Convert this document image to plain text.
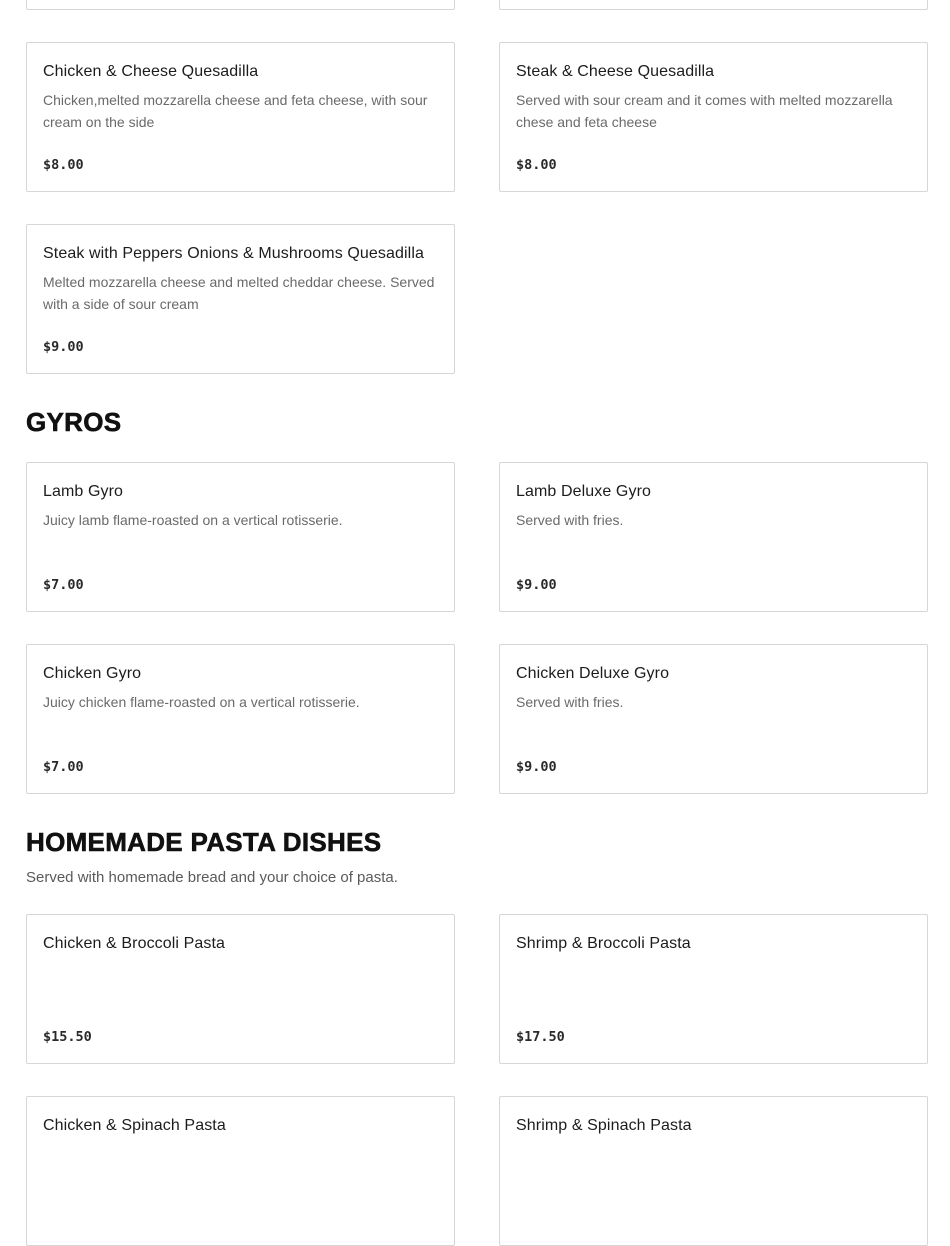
Chicken & Cheese Quesadilla
Chicken,melted mozzarella cheese and feta cheese, with sour cream on the side
$8.00
Steak & Cheese Quesadilla
Served with sour cream and it comes with melted mozzarella chese and feta cheese
$8.00
Steak with Peppers Onions & Mushrooms Quesadilla
Melted mozzarella cheese and melted cheddar cheese. Served with a side of sour cream
$9.00
GYROS
Lamb Gyro
Juicy lamb flame-roasted on a vertical rotisserie.
$7.00
Lamb Deluxe Gyro
Served with fries.
$9.00
Chicken Gyro
Juicy chicken flame-roasted on a vertical rotisserie.
$7.00
Chicken Deluxe Gyro
Served with fries.
$9.00
HOMEMADE PASTA DISHES

Served with homemade bread and your choice of pasta.

Chicken & Broccoli Pasta
$15.50
Shrimp & Broccoli Pasta
$17.50
Chicken & Spinach Pasta	Shrimp & Spinach Pasta
